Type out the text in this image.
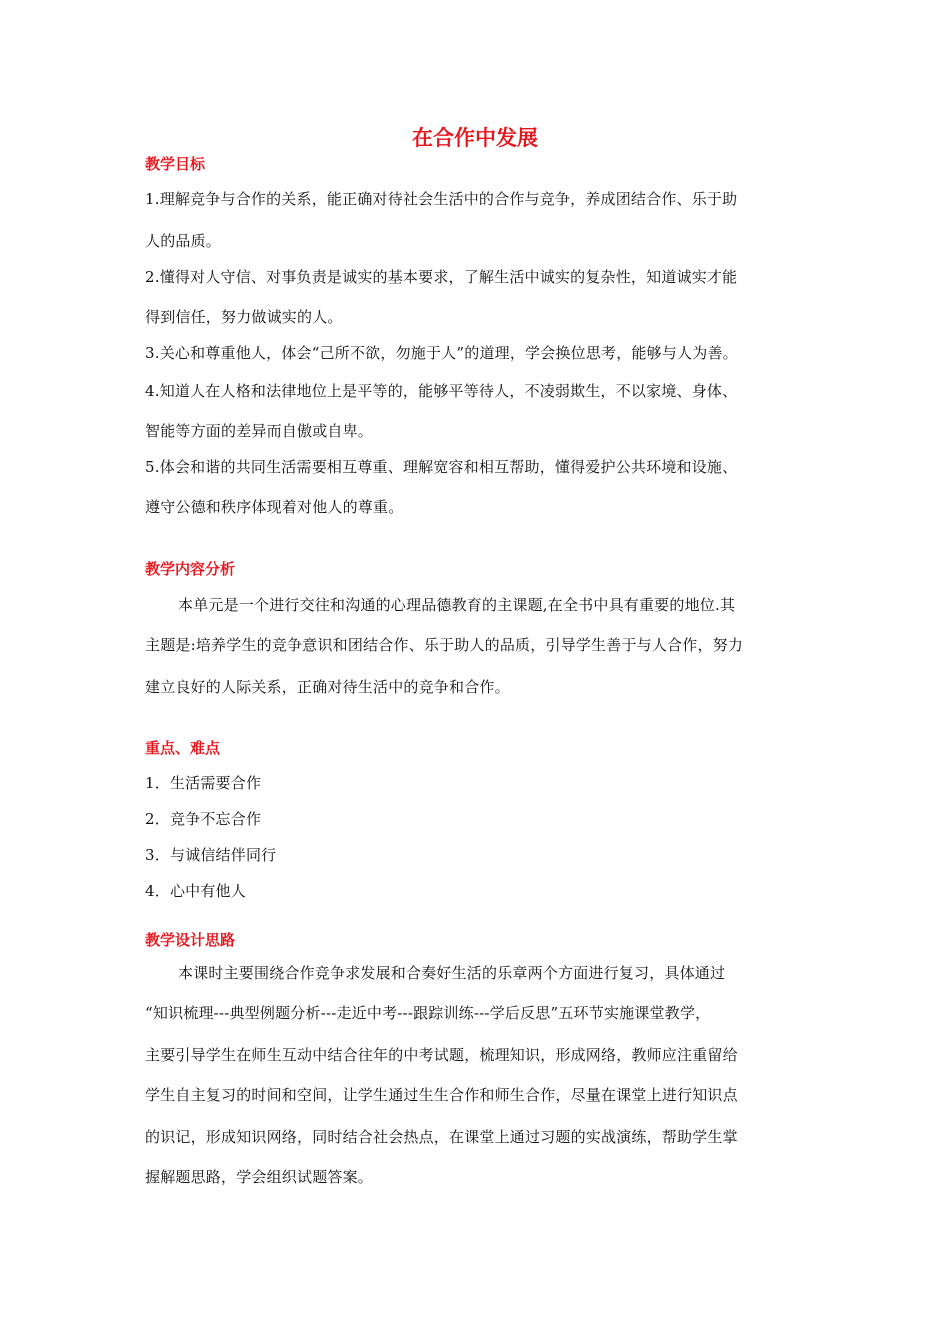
在合作中发展
教学目标
1.理解竞争与合作的关系，能正确对待社会生活中的合作与竞争，养成团结合作、乐于助
人的品质。
2.懂得对人守信、对事负责是诚实的基本要求，了解生活中诚实的复杂性，知道诚实才能
得到信任，努力做诚实的人。
3.关心和尊重他人，体会“己所不欲，勿施于人”的道理，学会换位思考，能够与人为善。
4.知道人在人格和法律地位上是平等的，能够平等待人，不凌弱欺生，不以家境、身体、
智能等方面的差异而自傲或自卑。
5.体会和谐的共同生活需要相互尊重、理解宽容和相互帮助，懂得爱护公共环境和设施、
遵守公德和秩序体现着对他人的尊重。
教学内容分析
本单元是一个进行交往和沟通的心理品德教育的主课题,在全书中具有重要的地位.其
主题是:培养学生的竞争意识和团结合作、乐于助人的品质，引导学生善于与人合作，努力
建立良好的人际关系，正确对待生活中的竞争和合作。
重点、难点
1．生活需要合作
2．竞争不忘合作
3．与诚信结伴同行
4．心中有他人
教学设计思路
本课时主要围绕合作竞争求发展和合奏好生活的乐章两个方面进行复习，具体通过
“知识梳理---典型例题分析---走近中考---跟踪训练---学后反思”五环节实施课堂教学，
主要引导学生在师生互动中结合往年的中考试题，梳理知识，形成网络，教师应注重留给
学生自主复习的时间和空间，让学生通过生生合作和师生合作，尽量在课堂上进行知识点
的识记，形成知识网络，同时结合社会热点，在课堂上通过习题的实战演练，帮助学生掌
握解题思路，学会组织试题答案。
